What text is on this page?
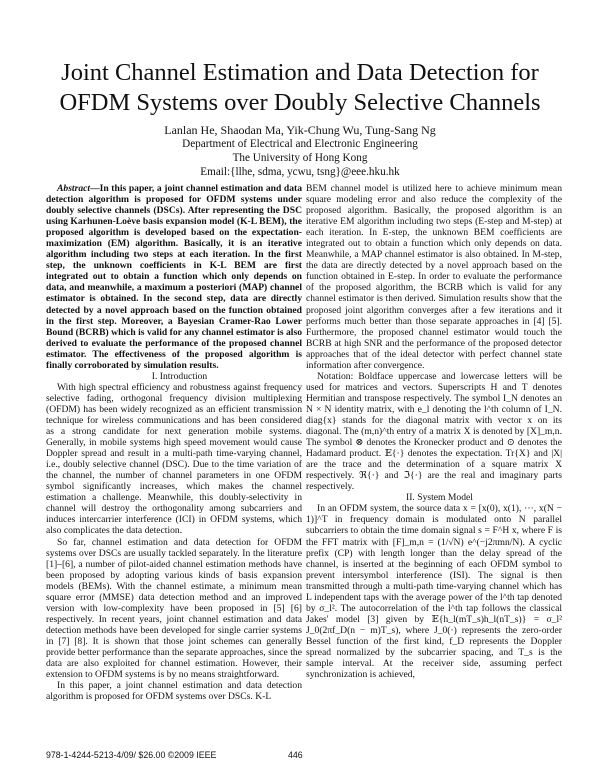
Joint Channel Estimation and Data Detection for
OFDM Systems over Doubly Selective Channels
Lanlan He, Shaodan Ma, Yik-Chung Wu, Tung-Sang Ng
Department of Electrical and Electronic Engineering
The University of Hong Kong
Email:{llhe, sdma, ycwu, tsng}@eee.hku.hk

Abstract—In this paper, a joint channel estimation and data detection algorithm is proposed for OFDM systems under doubly selective channels (DSCs). After representing the DSC using Karhunen-Loève basis expansion model (K-L BEM), the proposed algorithm is developed based on the expectation-maximization (EM) algorithm. Basically, it is an iterative algorithm including two steps at each iteration. In the first step, the unknown coefficients in K-L BEM are first integrated out to obtain a function which only depends on data, and meanwhile, a maximum a posteriori (MAP) channel estimator is obtained. In the second step, data are directly detected by a novel approach based on the function obtained in the first step. Moreover, a Bayesian Cramer-Rao Lower Bound (BCRB) which is valid for any channel estimator is also derived to evaluate the performance of the proposed channel estimator. The effectiveness of the proposed algorithm is finally corroborated by simulation results.

I. Introduction

With high spectral efficiency and robustness against frequency selective fading, orthogonal frequency division multiplexing (OFDM) has been widely recognized as an efficient transmission technique for wireless communications and has been considered as a strong candidate for next generation mobile systems. Generally, in mobile systems high speed movement would cause Doppler spread and result in a multi-path time-varying channel, i.e., doubly selective channel (DSC). Due to the time variation of the channel, the number of channel parameters in one OFDM symbol significantly increases, which makes the channel estimation a challenge. Meanwhile, this doubly-selectivity in channel will destroy the orthogonality among subcarriers and induces intercarrier interference (ICI) in OFDM systems, which also complicates the data detection.

So far, channel estimation and data detection for OFDM systems over DSCs are usually tackled separately. In the literature [1]–[6], a number of pilot-aided channel estimation methods have been proposed by adopting various kinds of basis expansion models (BEMs). With the channel estimate, a minimum mean square error (MMSE) data detection method and an improved version with low-complexity have been proposed in [5] [6] respectively. In recent years, joint channel estimation and data detection methods have been developed for single carrier systems in [7] [8]. It is shown that those joint schemes can generally provide better performance than the separate approaches, since the data are also exploited for channel estimation. However, their extension to OFDM systems is by no means straightforward.

In this paper, a joint channel estimation and data detection algorithm is proposed for OFDM systems over DSCs. K-L

BEM channel model is utilized here to achieve minimum mean square modeling error and also reduce the complexity of the proposed algorithm. Basically, the proposed algorithm is an iterative EM algorithm including two steps (E-step and M-step) at each iteration. In E-step, the unknown BEM coefficients are integrated out to obtain a function which only depends on data. Meanwhile, a MAP channel estimator is also obtained. In M-step, the data are directly detected by a novel approach based on the function obtained in E-step. In order to evaluate the performance of the proposed algorithm, the BCRB which is valid for any channel estimator is then derived. Simulation results show that the proposed joint algorithm converges after a few iterations and it performs much better than those separate approaches in [4] [5]. Furthermore, the proposed channel estimator would touch the BCRB at high SNR and the performance of the proposed detector approaches that of the ideal detector with perfect channel state information after convergence.

Notation: Boldface uppercase and lowercase letters will be used for matrices and vectors. Superscripts H and T denotes Hermitian and transpose respectively. The symbol I_N denotes an N × N identity matrix, with e_l denoting the l^th column of I_N. diag{x} stands for the diagonal matrix with vector x on its diagonal. The (m,n)^th entry of a matrix X is denoted by [X]_m,n. The symbol ⊗ denotes the Kronecker product and ⊙ denotes the Hadamard product. 𝔼{·} denotes the expectation. Tr{X} and |X| are the trace and the determination of a square matrix X respectively. ℜ{·} and ℑ{·} are the real and imaginary parts respectively.

II. System Model

In an OFDM system, the source data x = [x(0), x(1), ···, x(N − 1)]^T in frequency domain is modulated onto N parallel subcarriers to obtain the time domain signal s = F^H x, where F is the FFT matrix with [F]_m,n = (1/√N) e^(−j2πmn/N). A cyclic prefix (CP) with length longer than the delay spread of the channel, is inserted at the beginning of each OFDM symbol to prevent intersymbol interference (ISI). The signal is then transmitted through a multi-path time-varying channel which has L independent taps with the average power of the l^th tap denoted by σ_l². The autocorrelation of the l^th tap follows the classical Jakes' model [3] given by 𝔼{h_l(mT_s)h_l(nT_s)} = σ_l² J_0(2πf_D(n − m)T_s), where J_0(·) represents the zero-order Bessel function of the first kind, f_D represents the Doppler spread normalized by the subcarrier spacing, and T_s is the sample interval. At the receiver side, assuming perfect synchronization is achieved,

978-1-4244-5213-4/09/ $26.00 ©2009 IEEE	446
